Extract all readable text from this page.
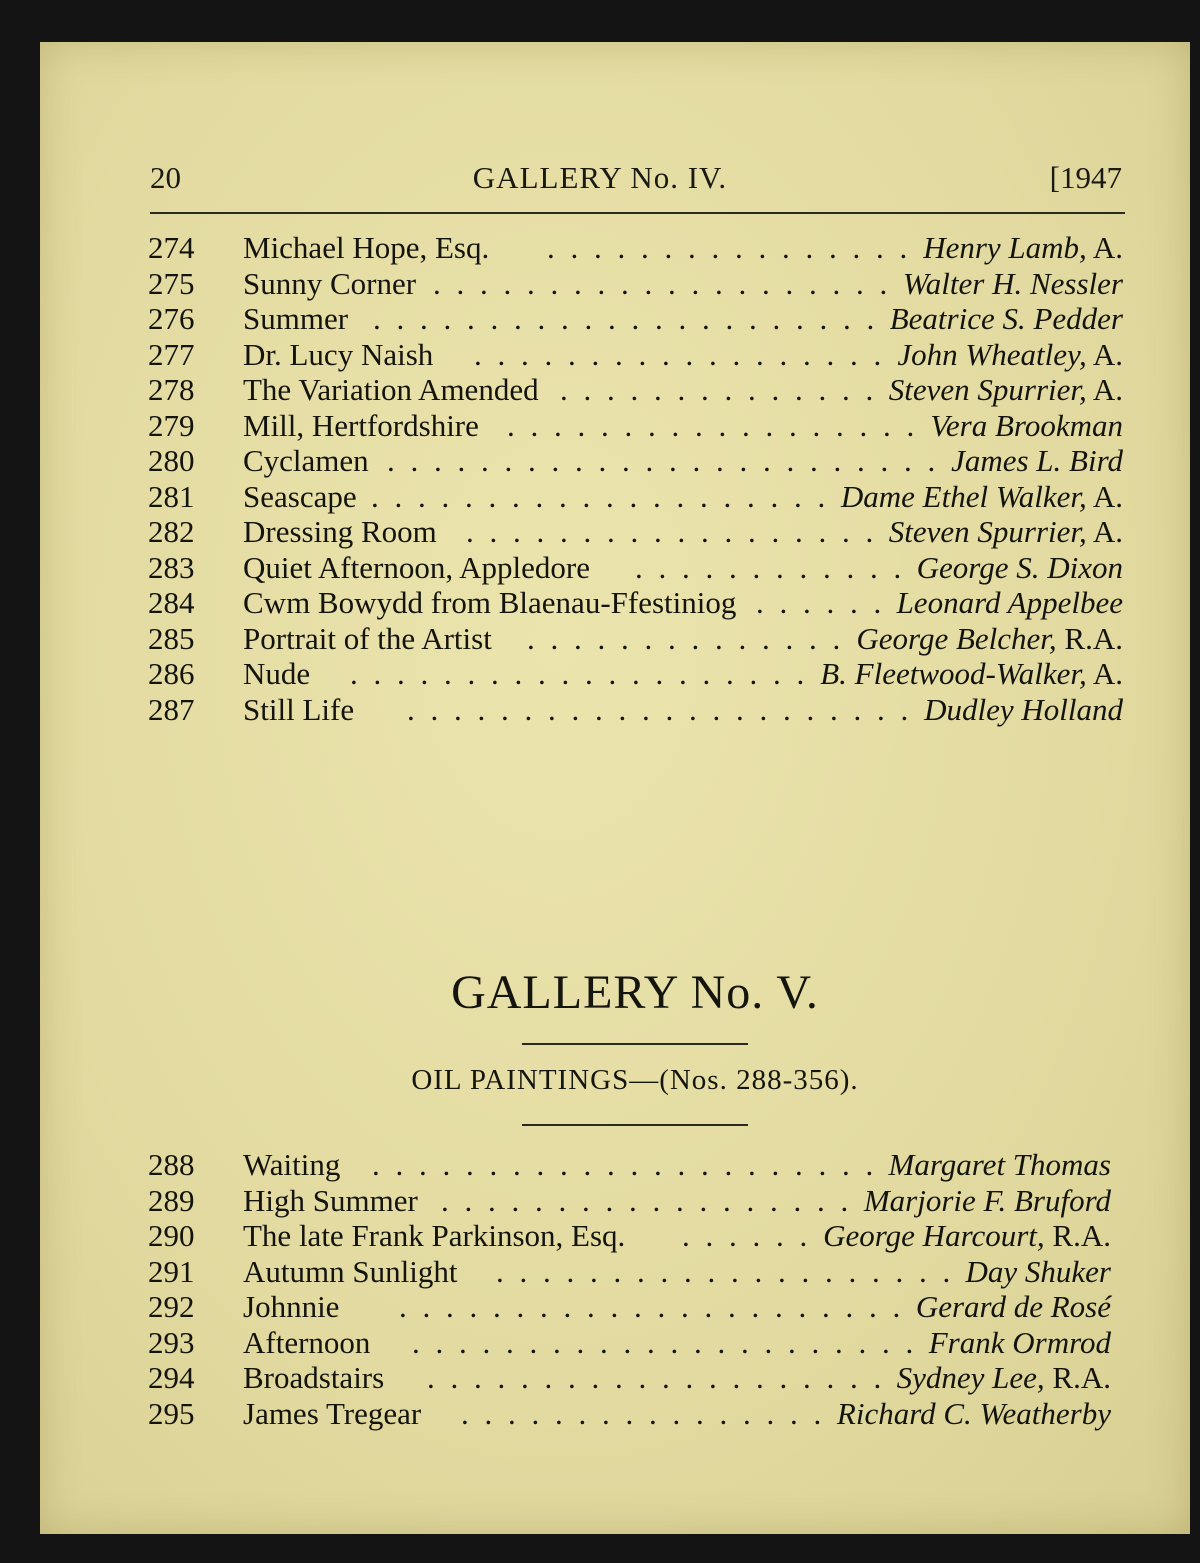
20	GALLERY No. IV.	[1947
274 Michael Hope, Esq. . . . . . . . . . . . . . . . . Henry Lamb, A.
275 Sunny Corner . . . . . . . . . . . . . . . . . . . . Walter H. Nessler
276 Summer . . . . . . . . . . . . . . . . . . . . . . Beatrice S. Pedder
277 Dr. Lucy Naish . . . . . . . . . . . . . . . . . . John Wheatley, A.
278 The Variation Amended . . . . . . . . . . . . . . Steven Spurrier, A.
279 Mill, Hertfordshire . . . . . . . . . . . . . . . . . . Vera Brookman
280 Cyclamen . . . . . . . . . . . . . . . . . . . . . . . . James L. Bird
281 Seascape . . . . . . . . . . . . . . . . . . . . Dame Ethel Walker, A.
282 Dressing Room . . . . . . . . . . . . . . . . . . Steven Spurrier, A.
283 Quiet Afternoon, Appledore . . . . . . . . . . . . George S. Dixon
284 Cwm Bowydd from Blaenau-Ffestiniog . . . . . . Leonard Appelbee
285 Portrait of the Artist . . . . . . . . . . . . . . George Belcher, R.A.
286 Nude . . . . . . . . . . . . . . . . . . . . B. Fleetwood-Walker, A.
287 Still Life . . . . . . . . . . . . . . . . . . . . . . Dudley Holland
GALLERY No. V.
OIL PAINTINGS—(Nos. 288-356).
288 Waiting . . . . . . . . . . . . . . . . . . . . . . Margaret Thomas
289 High Summer . . . . . . . . . . . . . . . . . . Marjorie F. Bruford
290 The late Frank Parkinson, Esq. . . . . . . George Harcourt, R.A.
291 Autumn Sunlight . . . . . . . . . . . . . . . . . . . . Day Shuker
292 Johnnie . . . . . . . . . . . . . . . . . . . . . . Gerard de Rosé
293 Afternoon . . . . . . . . . . . . . . . . . . . . . . Frank Ormrod
294 Broadstairs . . . . . . . . . . . . . . . . . . . . Sydney Lee, R.A.
295 James Tregear . . . . . . . . . . . . . . . . Richard C. Weatherby
